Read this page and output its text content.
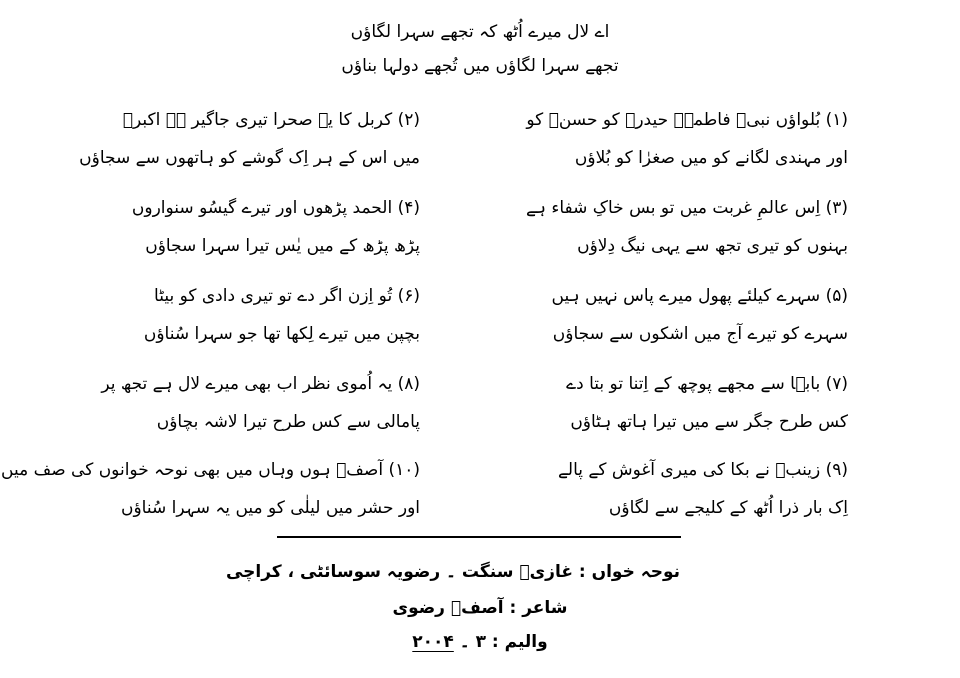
اے لال میرے اُٹھ کہ تجھے سہرا لگاؤں
تجھے سہرا لگاؤں میں تُجھے دولہا بناؤں
(۱) بُلواؤں نبیؐ فاطمہؑ حیدرؑ کو حسنؑ کو
اور مہندی لگانے کو میں صغرٰا کو بُلاؤں
(۳) اِس عالمِ غربت میں تو بس خاکِ شفاء ہے
بہنوں کو تیری تجھ سے یہی نیگ دِلاؤں
(۵) سہرے کیلئے پھول میرے پاس نہیں ہیں
سہرے کو تیرے آج میں اشکوں سے سجاؤں
(۷) بابؑا سے مجھے پوچھ کے اِتنا تو بتا دے
کس طرح جگر سے میں تیرا ہاتھ ہٹاؤں
(۹) زینبؑ نے بکا کی میری آغوش کے پالے
اِک بار ذرا اُٹھ کے کلیجے سے لگاؤں
(۲) کربل کا یہ صحرا تیری جاگیر ہے اکبرؑ
میں اس کے ہر اِک گوشے کو ہاتھوں سے سجاؤں
(۴) الحمد پڑھوں اور تیرے گیسُو سنواروں
پڑھ پڑھ کے میں یٰس تیرا سہرا سجاؤں
(۶) تُو اِزن اگر دے تو تیری دادی کو بیٹا
بچپن میں تیرے لِکھا تھا جو سہرا سُناؤں
(۸) یہ اُموی نظر اب بھی میرے لال ہے تجھ پر
پامالی سے کس طرح تیرا لاشہ بچاؤں
(۱۰) آصفؔ ہوں وہاں میں بھی نوحہ خوانوں کی صف میں
اور حشر میں لیلٰی کو میں یہ سہرا سُناؤں
نوحہ خواں : غازیؑ سنگت ۔ رضویہ سوسائٹی ، کراچی
شاعر : آصفؔ رضوی
والیم : ۳ ۔ ۲۰۰۴
